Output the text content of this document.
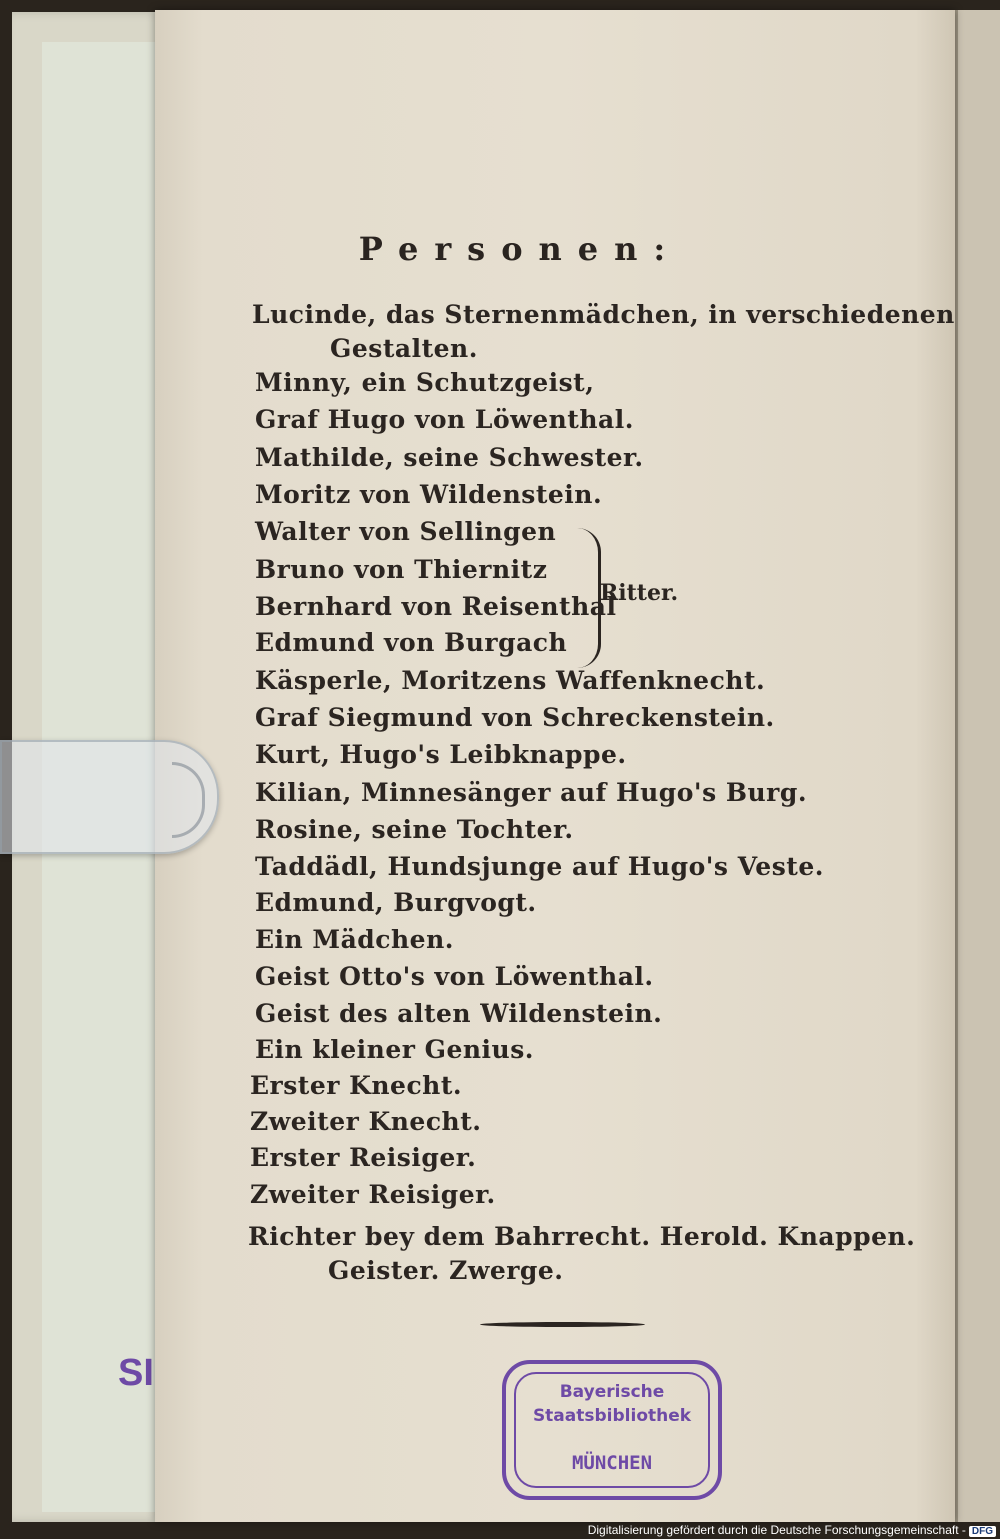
SI
Personen:
Lucinde, das Sternenmädchen, in verschiedenen
Gestalten.
Minny, ein Schutzgeist,
Graf Hugo von Löwenthal.
Mathilde, seine Schwester.
Moritz von Wildenstein.
Walter von Sellingen
Bruno von Thiernitz
Bernhard von Reisenthal
Edmund von Burgach
Käsperle, Moritzens Waffenknecht.
Graf Siegmund von Schreckenstein.
Kurt, Hugo's Leibknappe.
Kilian, Minnesänger auf Hugo's Burg.
Rosine, seine Tochter.
Taddädl, Hundsjunge auf Hugo's Veste.
Edmund, Burgvogt.
Ein Mädchen.
Geist Otto's von Löwenthal.
Geist des alten Wildenstein.
Ein kleiner Genius.
Erster Knecht.
Zweiter Knecht.
Erster Reisiger.
Zweiter Reisiger.
Richter bey dem Bahrrecht. Herold. Knappen.
Geister. Zwerge.
Ritter.
Bayerische
Staatsbibliothek
MÜNCHEN
Digitalisierung gefördert durch die Deutsche Forschungsgemeinschaft - DFG
